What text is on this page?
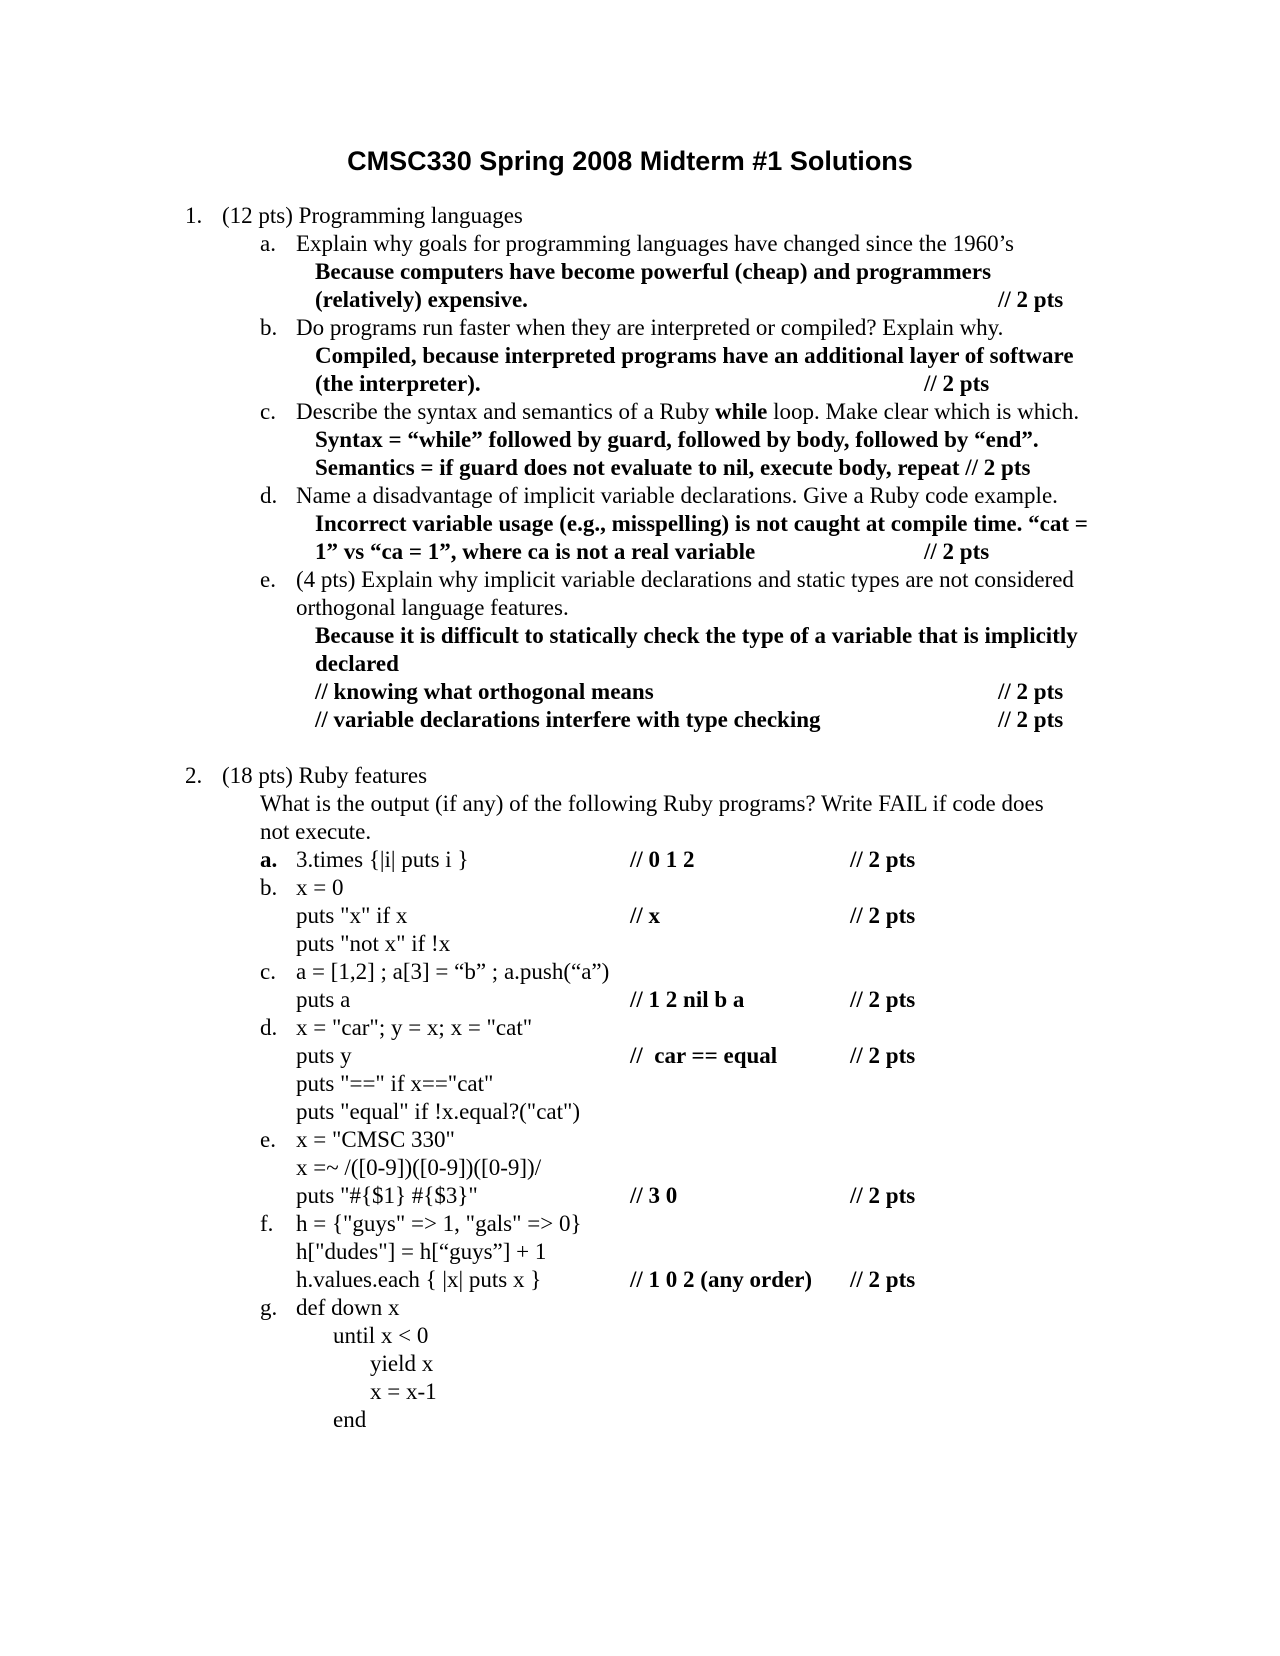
CMSC330 Spring 2008 Midterm #1 Solutions
1. (12 pts) Programming languages
a. Explain why goals for programming languages have changed since the 1960’s
Because computers have become powerful (cheap) and programmers
(relatively) expensive.	// 2 pts
b. Do programs run faster when they are interpreted or compiled? Explain why.
Compiled, because interpreted programs have an additional layer of software
(the interpreter).	// 2 pts
c. Describe the syntax and semantics of a Ruby while loop. Make clear which is which.
Syntax = “while” followed by guard, followed by body, followed by “end”.
Semantics = if guard does not evaluate to nil, execute body, repeat // 2 pts
d. Name a disadvantage of implicit variable declarations. Give a Ruby code example.
Incorrect variable usage (e.g., misspelling) is not caught at compile time. “cat =
1” vs “ca = 1”, where ca is not a real variable	// 2 pts
e. (4 pts) Explain why implicit variable declarations and static types are not considered
orthogonal language features.
Because it is difficult to statically check the type of a variable that is implicitly
declared
// knowing what orthogonal means	// 2 pts
// variable declarations interfere with type checking	// 2 pts
2. (18 pts) Ruby features
What is the output (if any) of the following Ruby programs? Write FAIL if code does
not execute.
a. 3.times {|i| puts i }	// 0 1 2	// 2 pts
b. x = 0
puts "x" if x	// x	// 2 pts
puts "not x" if !x
c. a = [1,2] ; a[3] = “b” ; a.push(“a”)
puts a	// 1 2 nil b a	// 2 pts
d. x = "car"; y = x; x = "cat"
puts y	//  car == equal	// 2 pts
puts "==" if x=="cat"
puts "equal" if !x.equal?("cat")
e. x = "CMSC 330"
x =~ /([0-9])([0-9])([0-9])/
puts "#{$1} #{$3}"	// 3 0	// 2 pts
f. h = {"guys" => 1, "gals" => 0}
h["dudes"] = h[“guys”] + 1
h.values.each { |x| puts x }	// 1 0 2 (any order) // 2 pts
g. def down x
until x < 0
yield x
x = x-1
end
